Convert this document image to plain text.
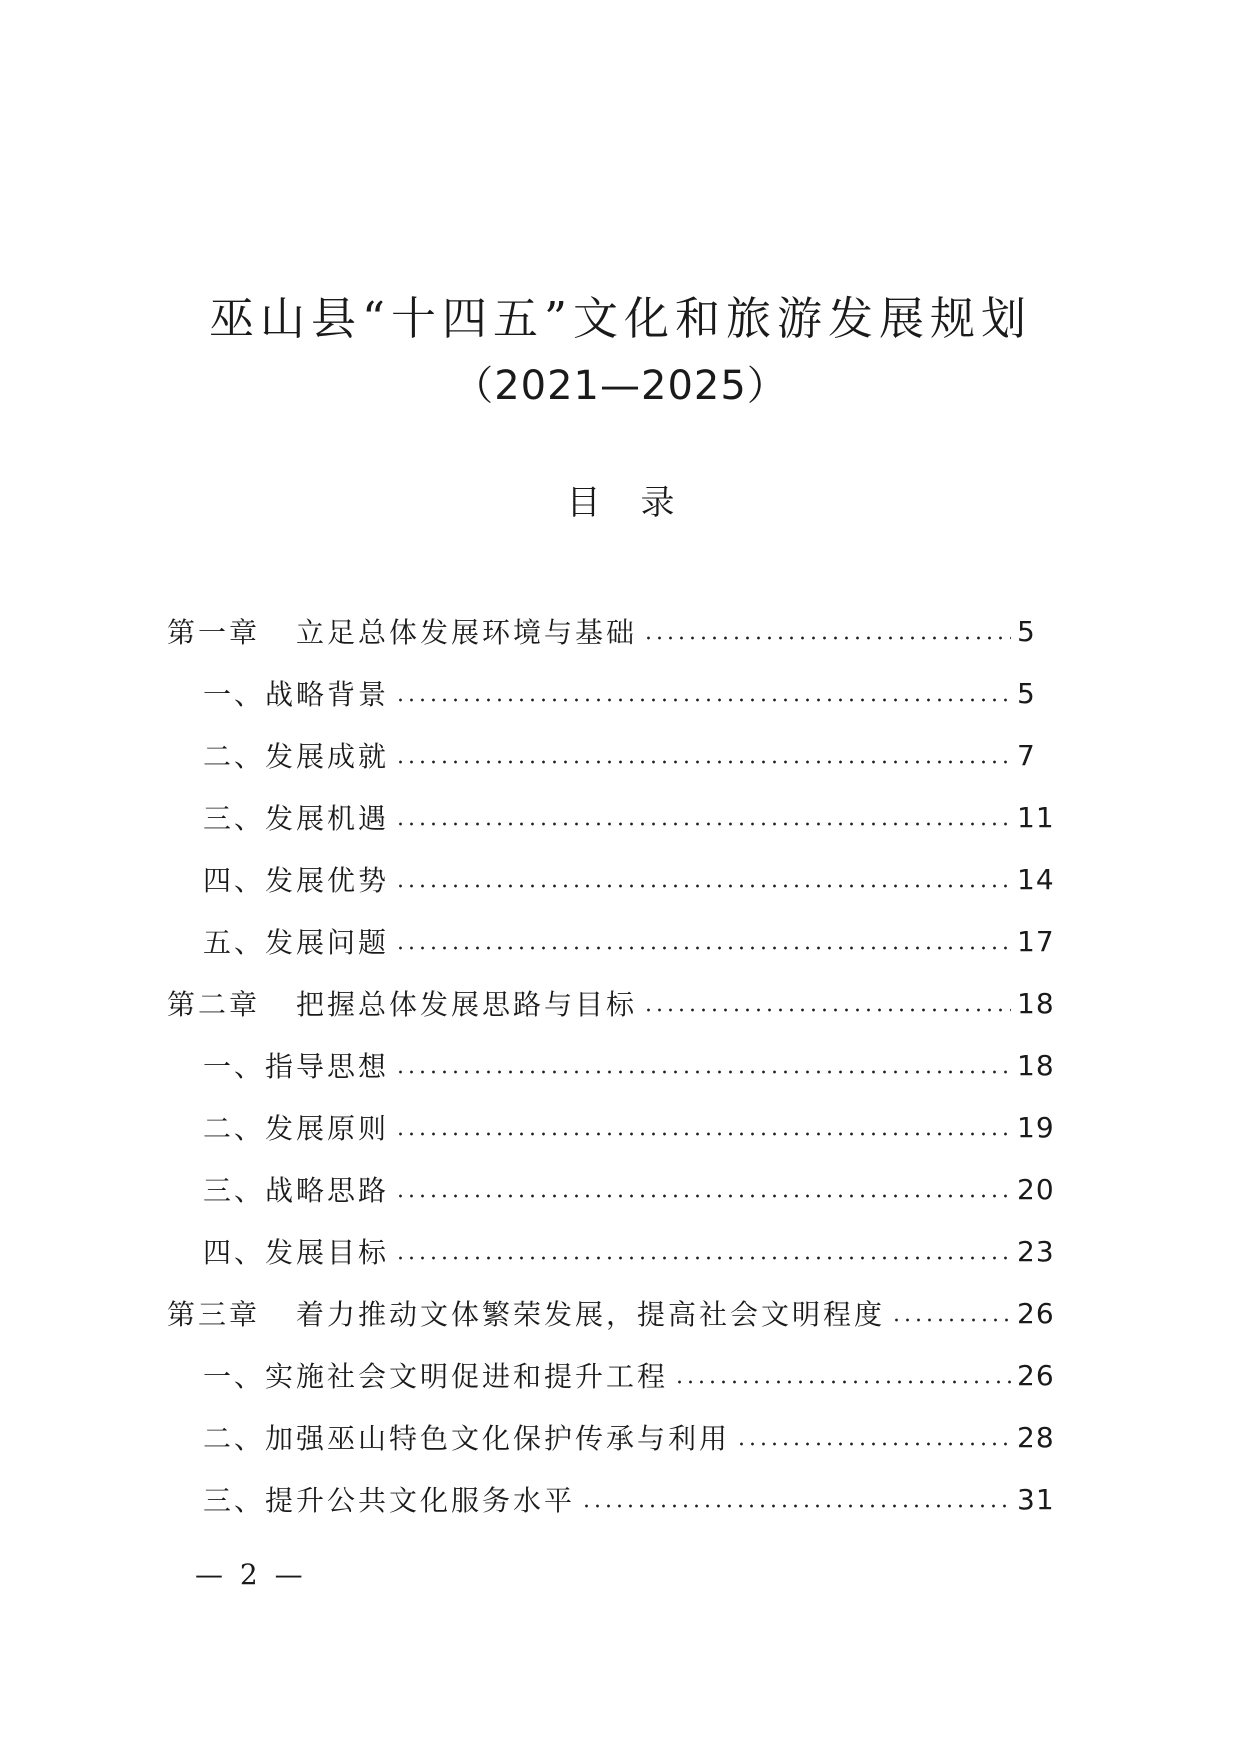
巫山县“十四五”文化和旅游发展规划
（2021—2025）
目录
第一章 立足总体发展环境与基础	5
一、战略背景	5
二、发展成就	7
三、发展机遇	11
四、发展优势	14
五、发展问题	17
第二章 把握总体发展思路与目标	18
一、指导思想	18
二、发展原则	19
三、战略思路	20
四、发展目标	23
第三章 着力推动文体繁荣发展，提高社会文明程度	26
一、实施社会文明促进和提升工程	26
二、加强巫山特色文化保护传承与利用	28
三、提升公共文化服务水平	31
— 2 —
